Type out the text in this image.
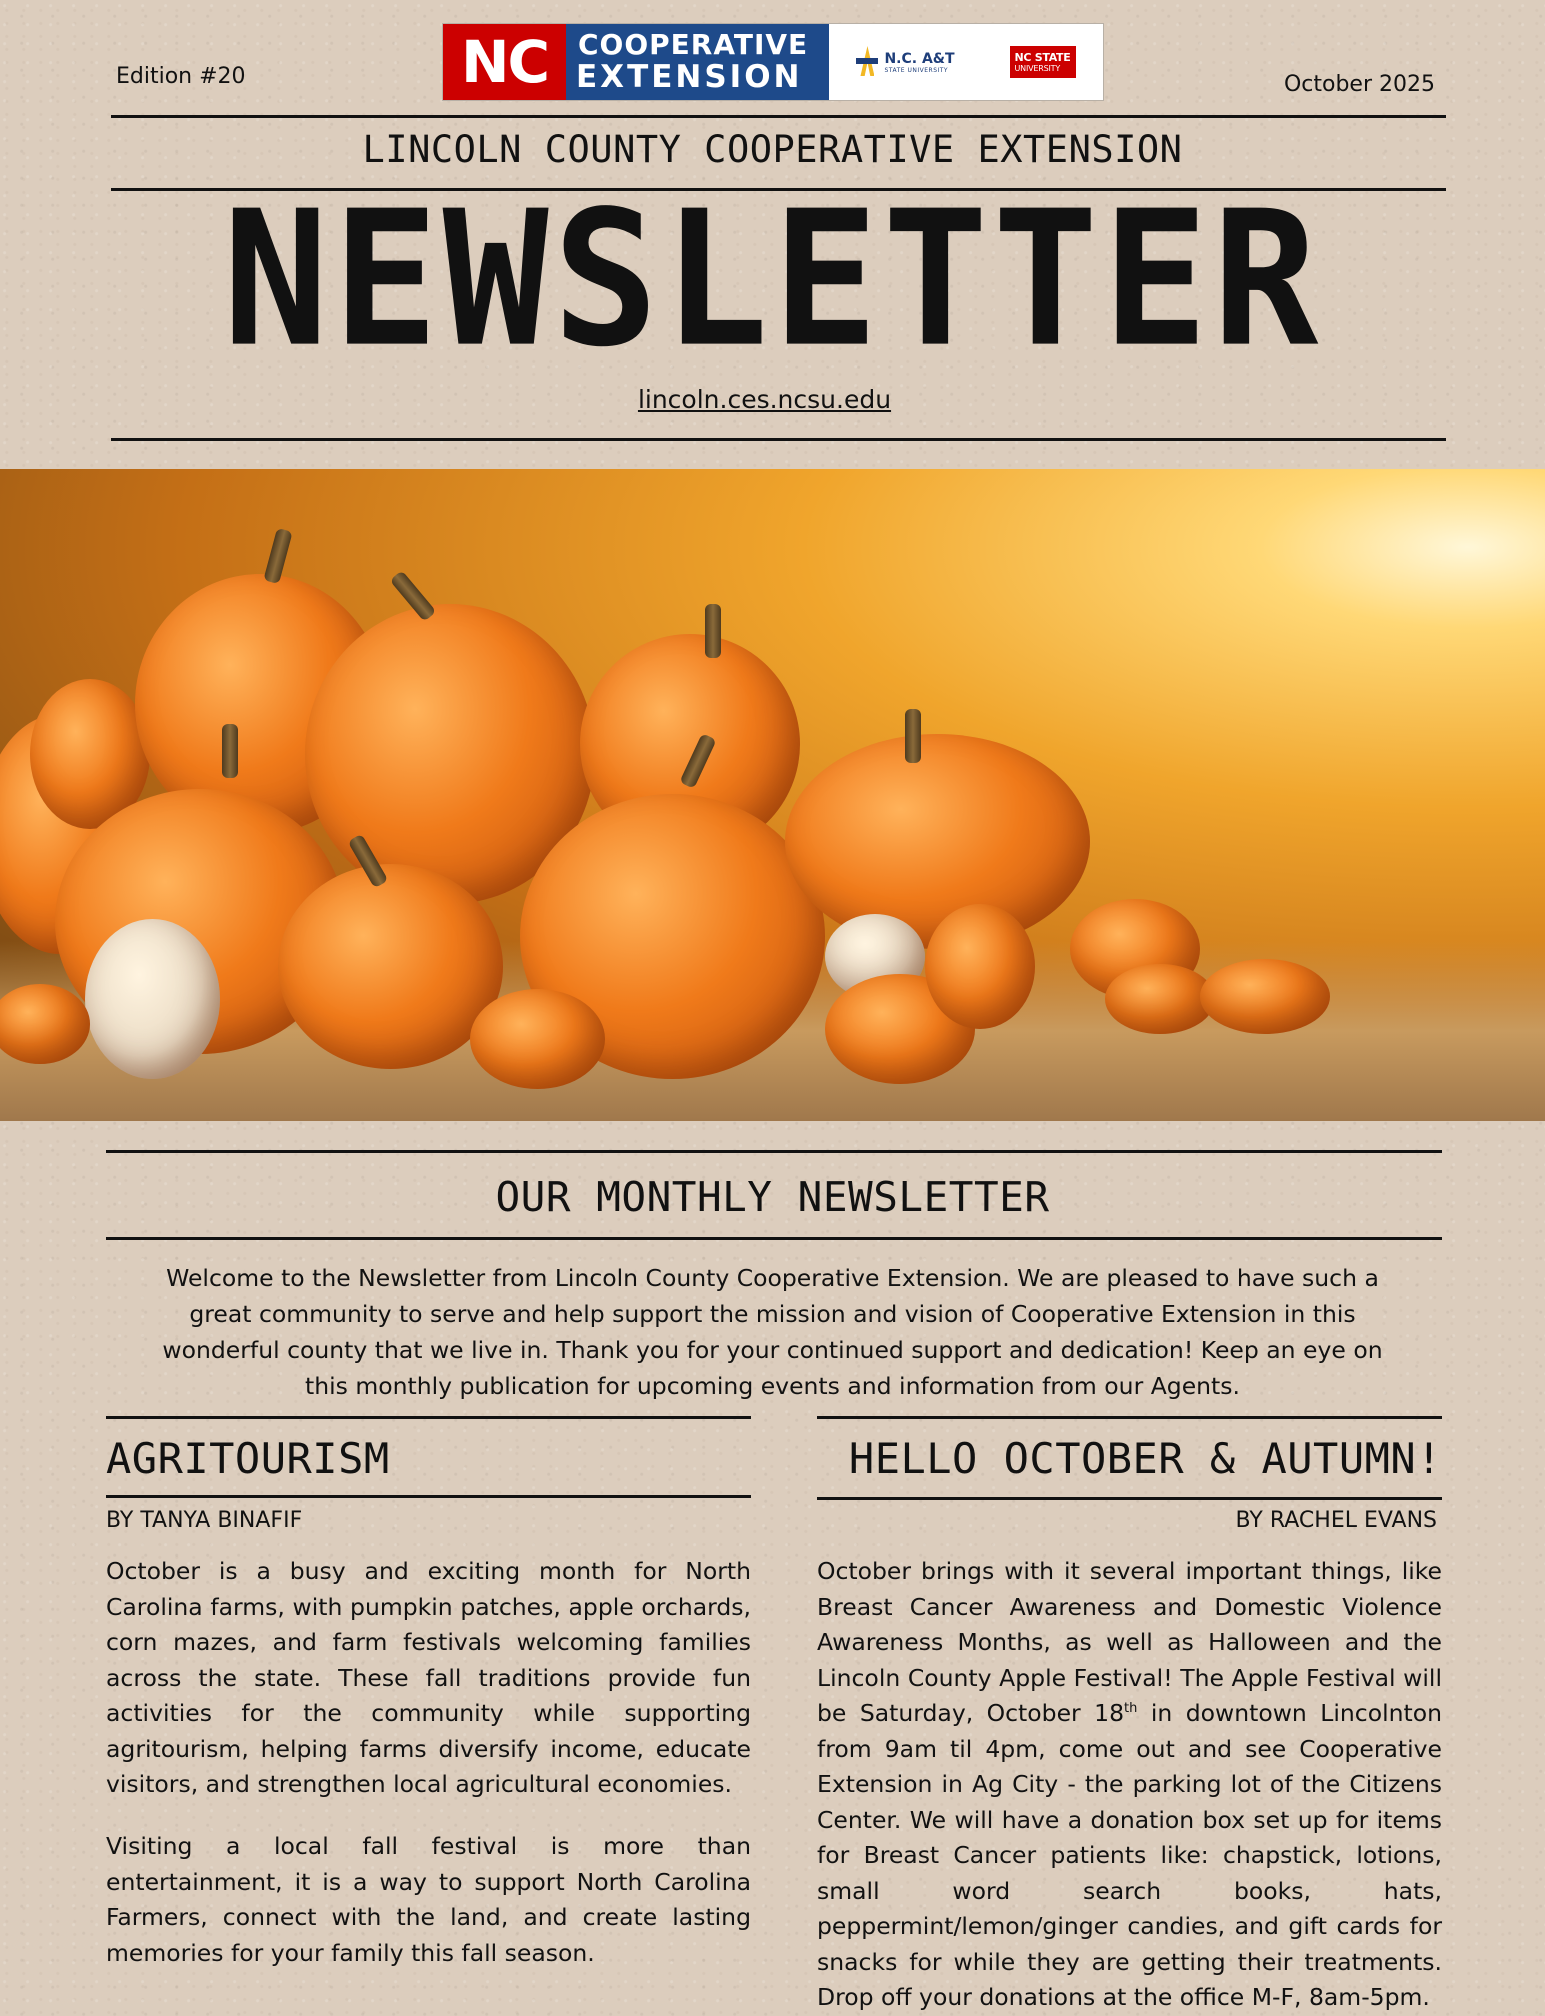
Edition #20	NC	COOPERATIVE
EXTENSION
N.C. A&T
STATE UNIVERSITY
NC STATE
UNIVERSITY
October 2025
LINCOLN COUNTY COOPERATIVE EXTENSION
NEWSLETTER
lincoln.ces.ncsu.edu
OUR MONTHLY NEWSLETTER
Welcome to the Newsletter from Lincoln County Cooperative Extension. We are pleased to have such a great community to serve and help support the mission and vision of Cooperative Extension in this wonderful county that we live in. Thank you for your continued support and dedication! Keep an eye on this monthly publication for upcoming events and information from our Agents.
AGRITOURISM
BY TANYA BINAFIF
October is a busy and exciting month for North Carolina farms, with pumpkin patches, apple orchards, corn mazes, and farm festivals welcoming families across the state. These fall traditions provide fun activities for the community while supporting agritourism, helping farms diversify income, educate visitors, and strengthen local agricultural economies.
Visiting a local fall festival is more than entertainment, it is a way to support North Carolina Farmers, connect with the land, and create lasting memories for your family this fall season.
HELLO OCTOBER & AUTUMN!
BY RACHEL EVANS
October brings with it several important things, like Breast Cancer Awareness and Domestic Violence Awareness Months, as well as Halloween and the Lincoln County Apple Festival! The Apple Festival will be Saturday, October 18th in downtown Lincolnton from 9am til 4pm, come out and see Cooperative Extension in Ag City - the parking lot of the Citizens Center. We will have a donation box set up for items for Breast Cancer patients like: chapstick, lotions, small word search books, hats, peppermint/lemon/ginger candies, and gift cards for snacks for while they are getting their treatments. Drop off your donations at the office M-F, 8am-5pm.
